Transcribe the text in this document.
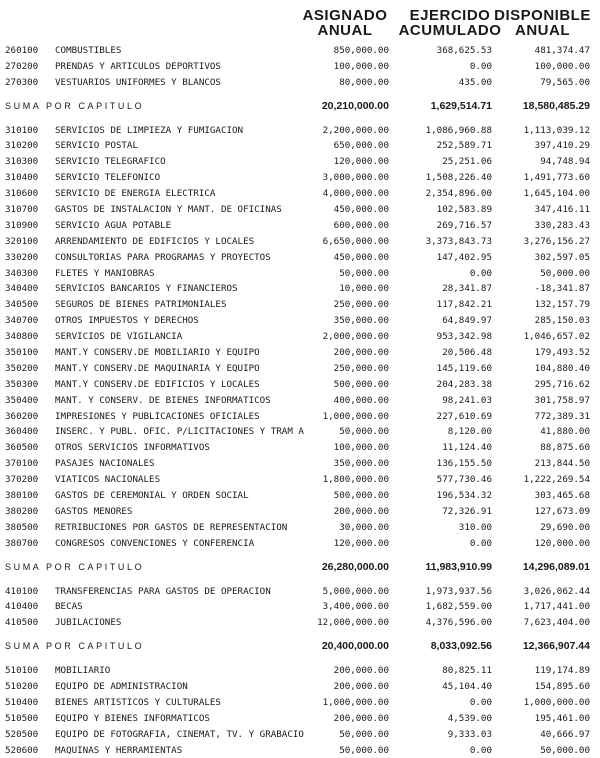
ASIGNADO
ANUAL
EJERCIDO
ACUMULADO
DISPONIBLE
ANUAL
260100 COMBUSTIBLES	850,000.00	368,625.53	481,374.47
270200 PRENDAS Y ARTICULOS DEPORTIVOS	100,000.00	0.00	100,000.00
270300 VESTUARIOS UNIFORMES Y BLANCOS	80,000.00	435.00	79,565.00
SUMA POR CAPITULO	20,210,000.00	1,629,514.71	18,580,485.29
310100 SERVICIOS DE LIMPIEZA Y FUMIGACION	2,200,000.00	1,086,960.88	1,113,039.12
310200 SERVICIO POSTAL	650,000.00	252,589.71	397,410.29
310300 SERVICIO TELEGRAFICO	120,000.00	25,251.06	94,748.94
310400 SERVICIO TELEFONICO	3,000,000.00	1,508,226.40	1,491,773.60
310600 SERVICIO DE ENERGIA ELECTRICA	4,000,000.00	2,354,896.00	1,645,104.00
310700 GASTOS DE INSTALACION Y MANT. DE OFICINAS	450,000.00	102,583.89	347,416.11
310900 SERVICIO AGUA POTABLE	600,000.00	269,716.57	330,283.43
320100 ARRENDAMIENTO DE EDIFICIOS Y LOCALES	6,650,000.00	3,373,843.73	3,276,156.27
330200 CONSULTORIAS PARA PROGRAMAS Y PROYECTOS	450,000.00	147,402.95	302,597.05
340300 FLETES Y MANIOBRAS	50,000.00	0.00	50,000.00
340400 SERVICIOS BANCARIOS Y FINANCIEROS	10,000.00	28,341.87	-18,341.87
340500 SEGUROS DE BIENES PATRIMONIALES	250,000.00	117,842.21	132,157.79
340700 OTROS IMPUESTOS Y DERECHOS	350,000.00	64,849.97	285,150.03
340800 SERVICIOS DE VIGILANCIA	2,000,000.00	953,342.98	1,046,657.02
350100 MANT.Y CONSERV.DE MOBILIARIO Y EQUIPO	200,000.00	20,506.48	179,493.52
350200 MANT.Y CONSERV.DE MAQUINARIA Y EQUIPO	250,000.00	145,119.60	104,880.40
350300 MANT.Y CONSERV.DE EDIFICIOS Y LOCALES	500,000.00	204,283.38	295,716.62
350400 MANT. Y CONSERV. DE BIENES INFORMATICOS	400,000.00	98,241.03	301,758.97
360200 IMPRESIONES Y PUBLICACIONES OFICIALES	1,000,000.00	227,610.69	772,389.31
360400 INSERC. Y PUBL. OFIC. P/LICITACIONES Y TRAM A	50,000.00	8,120.00	41,880.00
360500 OTROS SERVICIOS INFORMATIVOS	100,000.00	11,124.40	88,875.60
370100 PASAJES NACIONALES	350,000.00	136,155.50	213,844.50
370200 VIATICOS NACIONALES	1,800,000.00	577,730.46	1,222,269.54
380100 GASTOS DE CEREMONIAL Y ORDEN SOCIAL	500,000.00	196,534.32	303,465.68
380200 GASTOS MENORES	200,000.00	72,326.91	127,673.09
380500 RETRIBUCIONES POR GASTOS DE REPRESENTACION	30,000.00	310.00	29,690.00
380700 CONGRESOS CONVENCIONES Y CONFERENCIA	120,000.00	0.00	120,000.00
SUMA POR CAPITULO	26,280,000.00	11,983,910.99	14,296,089.01
410100 TRANSFERENCIAS PARA GASTOS DE OPERACION	5,000,000.00	1,973,937.56	3,026,062.44
410400 BECAS	3,400,000.00	1,682,559.00	1,717,441.00
410500 JUBILACIONES	12,000,000.00	4,376,596.00	7,623,404.00
SUMA POR CAPITULO	20,400,000.00	8,033,092.56	12,366,907.44
510100 MOBILIARIO	200,000.00	80,825.11	119,174.89
510200 EQUIPO DE ADMINISTRACION	200,000.00	45,104.40	154,895.60
510400 BIENES ARTISTICOS Y CULTURALES	1,000,000.00	0.00	1,000,000.00
510500 EQUIPO Y BIENES INFORMATICOS	200,000.00	4,539.00	195,461.00
520500 EQUIPO DE FOTOGRAFIA, CINEMAT, TV. Y GRABACIO	50,000.00	9,333.03	40,666.97
520600 MAQUINAS Y HERRAMIENTAS	50,000.00	0.00	50,000.00
